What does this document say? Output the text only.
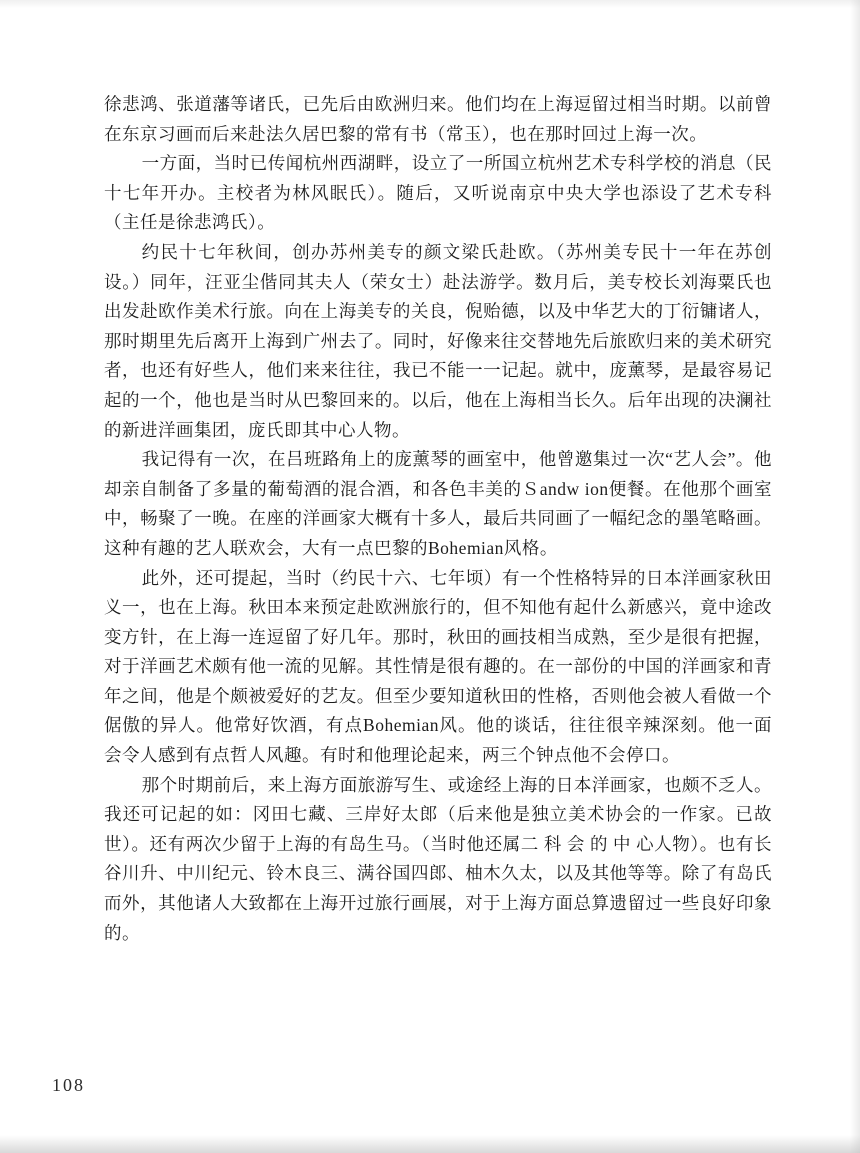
徐悲鸿、张道藩等诸氏，已先后由欧洲归来。他们均在上海逗留过相当时期。以前曾在东京习画而后来赴法久居巴黎的常有书（常玉），也在那时回过上海一次。

一方面，当时已传闻杭州西湖畔，设立了一所国立杭州艺术专科学校的消息（民十七年开办。主校者为林风眠氏）。随后，又听说南京中央大学也添设了艺术专科（主任是徐悲鸿氏）。

约民十七年秋间，创办苏州美专的颜文梁氏赴欧。（苏州美专民十一年在苏创设。）同年，汪亚尘偕同其夫人（荣女士）赴法游学。数月后，美专校长刘海粟氏也出发赴欧作美术行旅。向在上海美专的关良，倪贻德，以及中华艺大的丁衍镛诸人，那时期里先后离开上海到广州去了。同时，好像来往交替地先后旅欧归来的美术研究者，也还有好些人，他们来来往往，我已不能一一记起。就中，庞薰琴，是最容易记起的一个，他也是当时从巴黎回来的。以后，他在上海相当长久。后年出现的决澜社的新进洋画集团，庞氏即其中心人物。

我记得有一次，在吕班路角上的庞薰琴的画室中，他曾邀集过一次“艺人会”。他却亲自制备了多量的葡萄酒的混合酒，和各色丰美的Ｓandw ion便餐。在他那个画室中，畅聚了一晚。在座的洋画家大概有十多人，最后共同画了一幅纪念的墨笔略画。这种有趣的艺人联欢会，大有一点巴黎的Bohemian风格。

此外，还可提起，当时（约民十六、七年顷）有一个性格特异的日本洋画家秋田义一，也在上海。秋田本来预定赴欧洲旅行的，但不知他有起什么新感兴，竟中途改变方针，在上海一连逗留了好几年。那时，秋田的画技相当成熟，至少是很有把握，对于洋画艺术颇有他一流的见解。其性情是很有趣的。在一部份的中国的洋画家和青年之间，他是个颇被爱好的艺友。但至少要知道秋田的性格，否则他会被人看做一个倨傲的异人。他常好饮酒，有点Bohemian风。他的谈话，往往很辛辣深刻。他一面会令人感到有点哲人风趣。有时和他理论起来，两三个钟点他不会停口。

那个时期前后，来上海方面旅游写生、或途经上海的日本洋画家，也颇不乏人。我还可记起的如：冈田七藏、三岸好太郎（后来他是独立美术协会的一作家。已故世）。还有两次少留于上海的有岛生马。（当时他还属二 科 会 的 中 心人物）。也有长谷川升、中川纪元、铃木良三、满谷国四郎、柚木久太，以及其他等等。除了有岛氏而外，其他诸人大致都在上海开过旅行画展，对于上海方面总算遗留过一些良好印象的。

108
